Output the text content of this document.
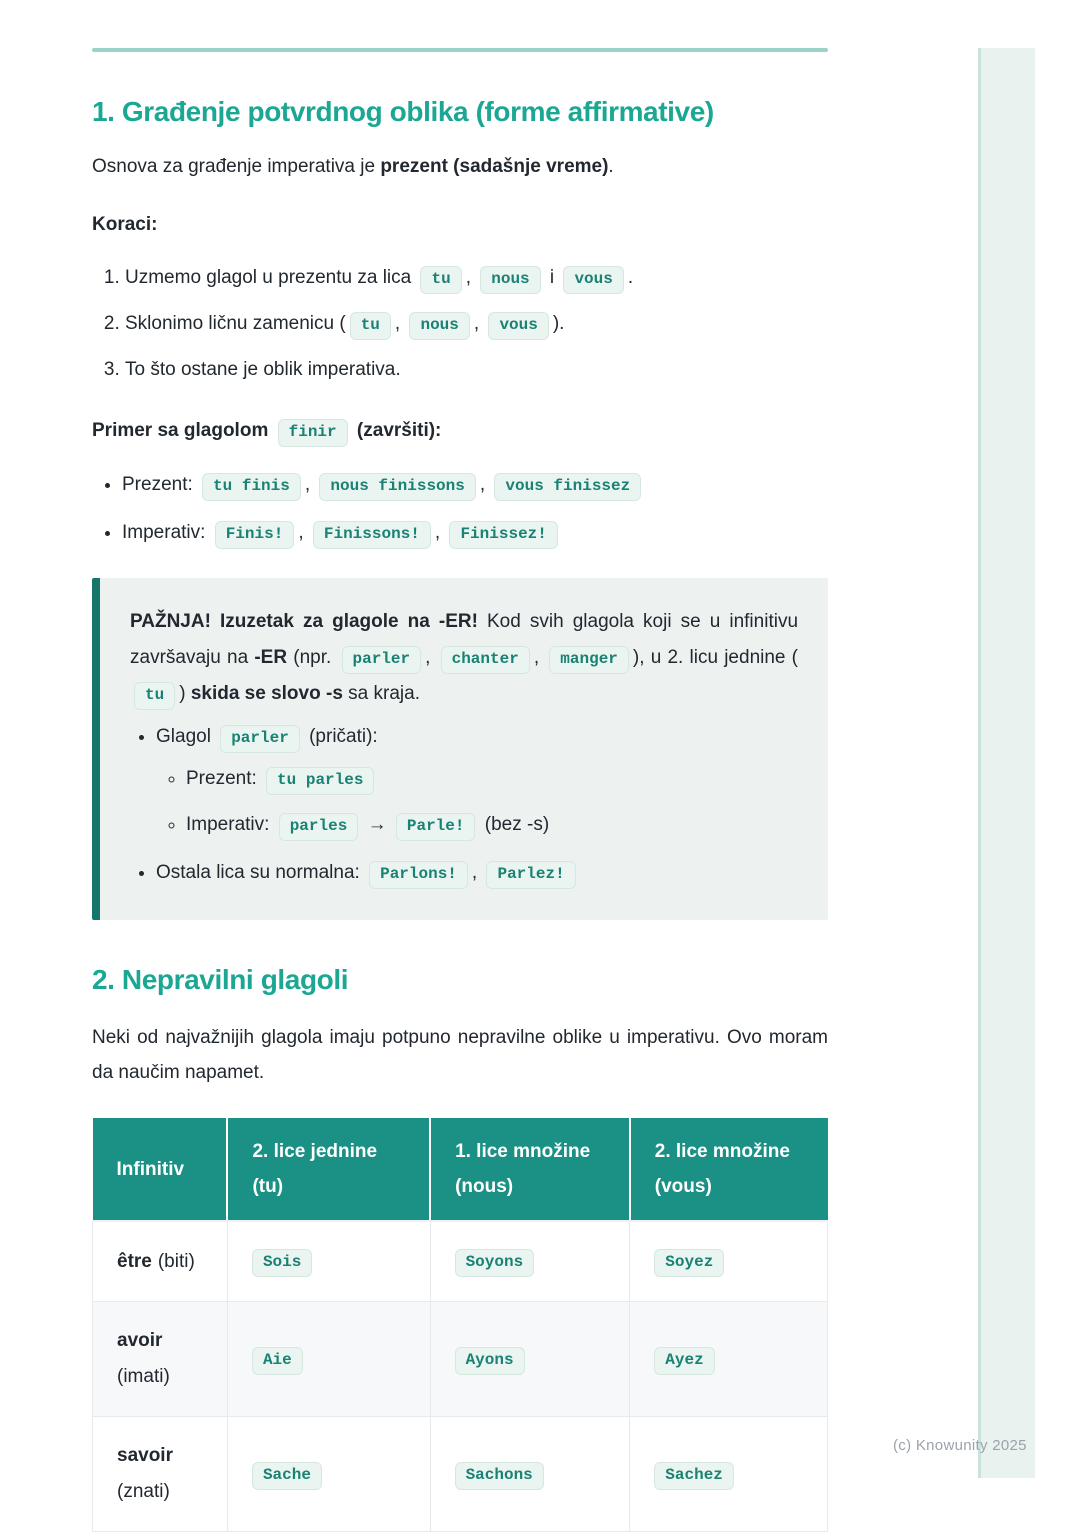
1. Građenje potvrdnog oblika (forme affirmative)

Osnova za građenje imperativa je prezent (sadašnje vreme).

Koraci:

1. Uzmemo glagol u prezentu za lica tu , nous i vous .
2. Sklonimo ličnu zamenicu ( tu , nous , vous ).
3. To što ostane je oblik imperativa.

Primer sa glagolom finir (završiti):

• Prezent: tu finis , nous finissons , vous finissez
• Imperativ: Finis! , Finissons! , Finissez!

PAŽNJA! Izuzetak za glagole na -ER! Kod svih glagola koji se u infinitivu završavaju na -ER (npr. parler , chanter , manger ), u 2. licu jednine (tu ) skida se slovo -s sa kraja.

• Glagol parler (pričati):
◦ Prezent: tu parles
◦ Imperativ: parles → Parle! (bez -s)
• Ostala lica su normalna: Parlons! , Parlez!
2. Nepravilni glagoli

Neki od najvažnijih glagola imaju potpuno nepravilne oblike u imperativu. Ovo moram da naučim napamet.

Infinitiv	2. lice jednine (tu)	1. lice množine (nous)	2. lice množine (vous)
être (biti)	Sois	Soyons	Soyez

avoir
(imati)	Aie	Ayons	Ayez

savoir
(znati)	Sache	Sachons	Sachez
(c) Knowunity 2025
